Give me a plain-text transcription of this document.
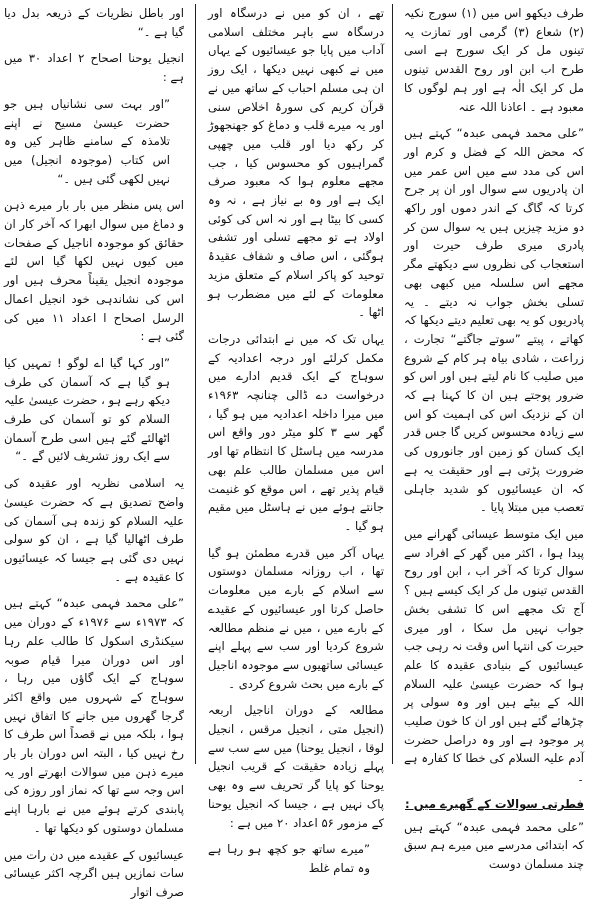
طرف دیکھو اس میں (۱) سورج نکیہ (۲) شعاع (۳) گرمی اور تمازت یہ تینوں مل کر ایک سورج ہے اسی طرح اب ابن اور روح القدس تینوں مل کر ایک الٰہ ہے اور ہم لوگوں کا معبود ہے ۔ اعاذنا اللہ عنہ

”علی محمد فہمی عبدہ“ کہتے ہیں کہ محض اللہ کے فضل و کرم اور اس کی مدد سے میں اس عمر میں ان پادریوں سے سوال اور ان پر جرح کرتا کہ گاگ کے اندر دموں اور راکھ دو مزید چیزیں ہیں یہ سوال سن کر پادری میری طرف حیرت اور استعجاب کی نظروں سے دیکھتے مگر مجھے اس سلسلہ میں کبھی بھی تسلی بخش جواب نہ دیتے ۔ یہ پادریوں کو یہ بھی تعلیم دیتے دیکھا کہ کھاتے ، پیتے ”سوتے جاگتے“ تجارت ، زراعت ، شادی بیاہ ہر کام کے شروع میں صلیب کا نام لیتے ہیں اور اس کو ضرور پوجتے ہیں ان کا کہنا ہے کہ ان کے نزدیک اس کی اہمیت کو اس سے زیادہ محسوس کریں گا جس قدر ایک کسان کو زمین اور جانوروں کی ضرورت پڑتی ہے اور حقیقت یہ ہے کہ ان عیسائیوں کو شدید جاہلی تعصب میں مبتلا پایا ۔

میں ایک متوسط عیسائی گھرانے میں پیدا ہوا ، اکثر میں گھر کے افراد سے سوال کرتا کہ آخر اب ، ابن اور روح القدس تینوں مل کر ایک کیسے ہیں ؟ آج تک مجھے اس کا تشفی بخش جواب نہیں مل سکا ، اور میری حیرت کی انتہا اس وقت نہ رہی جب عیسائیوں کے بنیادی عقیدہ کا علم ہوا کہ حضرت عیسیٰ علیہ السلام اللہ کے بیٹے ہیں اور وہ سولی پر چڑھائے گئے ہیں اور ان کا خون صلیب پر موجود ہے اور وہ دراصل حضرت آدم علیہ السلام کی خطا کا کفارہ ہے ۔

فطرتی سوالات کے گھیرے میں :

”علی محمد فہمی عبدہ“ کہتے ہیں کہ ابتدائی مدرسے میں میرے ہم سبق چند مسلمان دوست

تھے ، ان کو میں نے درسگاہ اور درسگاہ سے باہر مختلف اسلامی آداب میں پایا جو عیسائیوں کے یہاں میں نے کبھی نہیں دیکھا ، ایک روز ان ہی مسلم احباب کے ساتھ میں نے قرآن کریم کی سورۂ اخلاص سنی اور یہ میرے قلب و دماغ کو جھنجھوڑ کر رکھ دیا اور قلب میں چھپی گمراہیوں کو محسوس کیا ، جب مجھے معلوم ہوا کہ معبود صرف ایک ہے اور وہ بے نیاز ہے ، نہ وہ کسی کا بیٹا ہے اور نہ اس کی کوئی اولاد ہے تو مجھے تسلی اور تشفی ہوگئی ، اس صاف و شفاف عقیدۂ توحید کو پاکر اسلام کے متعلق مزید معلومات کے لئے میں مضطرب ہو اٹھا ۔

یہاں تک کہ میں نے ابتدائی درجات مکمل کرلئے اور درجہ اعدادیہ کے سوہاج کے ایک قدیم ادارے میں درخواست دے ڈالی چنانچہ ۱۹۶۳ء میں میرا داخلہ اعدادیہ میں ہو گیا ، گھر سے ۳ کلو میٹر دور واقع اس مدرسہ میں ہاسٹل کا انتظام تھا اور اس میں مسلمان طالب علم بھی قیام پذیر تھے ، اس موقع کو غنیمت جانتے ہوئے میں نے ہاسٹل میں مقیم ہو گیا ۔

یہاں آکر میں قدرے مطمئن ہو گیا تھا ، اب روزانہ مسلمان دوستوں سے اسلام کے بارے میں معلومات حاصل کرتا اور عیسائیوں کے عقیدے کے بارے میں ، میں نے منظم مطالعہ شروع کردیا اور سب سے پہلے اپنے عیسائی ساتھیوں سے موجودہ اناجیل کے بارے میں بحث شروع کردی ۔

مطالعہ کے دوران اناجیل اربعہ (انجیل متی ، انجیل مرقس ، انجیل لوقا ، انجیل یوحنا) میں سے سب سے پہلے زیادہ حقیقت کے قریب انجیل یوحنا کو پایا گر تحریف سے وہ بھی پاک نہیں ہے ، جیسا کہ انجیل یوحنا کے مزمور ۵۶ اعداد ۲۰ میں ہے :

”میرے ساتھ جو کچھ ہو رہا ہے وہ تمام غلط

اور باطل نظریات کے ذریعہ بدل دیا گیا ہے ۔“

انجیل یوحنا اصحاح ۲ اعداد ۳۰ میں ہے :

”اور بہت سی نشانیاں ہیں جو حضرت عیسیٰ مسیح نے اپنے تلامذہ کے سامنے ظاہر کیں وہ اس کتاب (موجودہ انجیل) میں نہیں لکھی گئی ہیں ۔“

اس پس منظر میں بار بار میرے ذہن و دماغ میں سوال ابھرا کہ آخر کار ان حقائق کو موجودہ اناجیل کے صفحات میں کیوں نہیں لکھا گیا اس لئے موجودہ انجیل یقیناً محرف ہیں اور اس کی نشاندہی خود انجیل اعمال الرسل اصحاح ا اعداد ۱۱ میں کی گئی ہے :

”اور کہا گیا اے لوگو ! تمہیں کیا ہو گیا ہے کہ آسمان کی طرف دیکھ رہے ہو ، حضرت عیسیٰ علیہ السلام کو تو آسمان کی طرف اٹھالئے گئے ہیں اسی طرح آسمان سے ایک روز تشریف لائیں گے ۔“

یہ اسلامی نظریہ اور عقیدہ کی واضح تصدیق ہے کہ حضرت عیسیٰ علیہ السلام کو زندہ ہی آسمان کی طرف اٹھالیا گیا ہے ، ان کو سولی نہیں دی گئی ہے جیسا کہ عیسائیوں کا عقیدہ ہے ۔

”علی محمد فہمی عبدہ“ کہتے ہیں کہ ۱۹۷۳ء سے ۱۹۷۶ء کے دوران میں سیکنڈری اسکول کا طالب علم رہا اور اس دوران میرا قیام صوبہ سوہاج کے ایک گاؤں میں رہا ، سوہاج کے شہروں میں واقع اکثر گرجا گھروں میں جانے کا اتفاق نہیں ہوا ، بلکہ میں نے قصداً اس طرف کا رخ نہیں کیا ، البتہ اس دوران بار بار میرے ذہن میں سوالات ابھرتے اور یہ اس وجہ سے تھا کہ نماز اور روزہ کی پابندی کرتے ہوئے میں نے بارہا اپنے مسلمان دوستوں کو دیکھا تھا ۔

عیسائیوں کے عقیدے میں دن رات میں سات نمازیں ہیں اگرچہ اکثر عیسائی صرف اتوار
